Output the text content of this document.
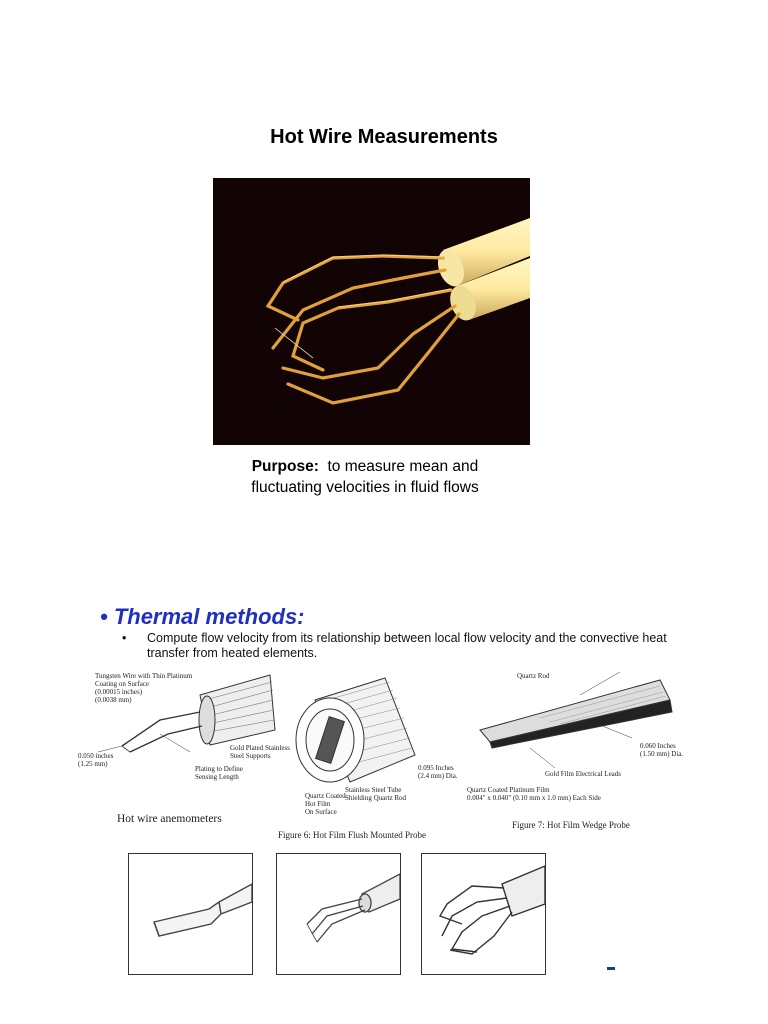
Hot Wire Measurements
Purpose: to measure mean and
fluctuating velocities in fluid flows
• Thermal methods:
• Compute flow velocity from its relationship between local flow velocity and the convective heat transfer from heated elements.
Tungsten Wire with Thin Platinum
Coating on Surface
(0.00015 inches)
(0.0038 mm)
Gold Plated Stainless
Steel Supports
Plating to Define
Sensing Length
0.050 inches
(1.25 mm)	0.095 Inches
(2.4 mm) Dia.
Stainless Steel Tube
Shielding Quartz Rod
Quartz Coated
Hot Film
On Surface
Quartz Rod
0.060 Inches
(1.50 mm) Dia.
Gold Film Electrical Leads
Quartz Coated Platinum Film
0.004" x 0.040" (0.10 mm x 1.0 mm) Each Side
Hot wire anemometers
Figure 6: Hot Film Flush Mounted Probe
Figure 7: Hot Film Wedge Probe
